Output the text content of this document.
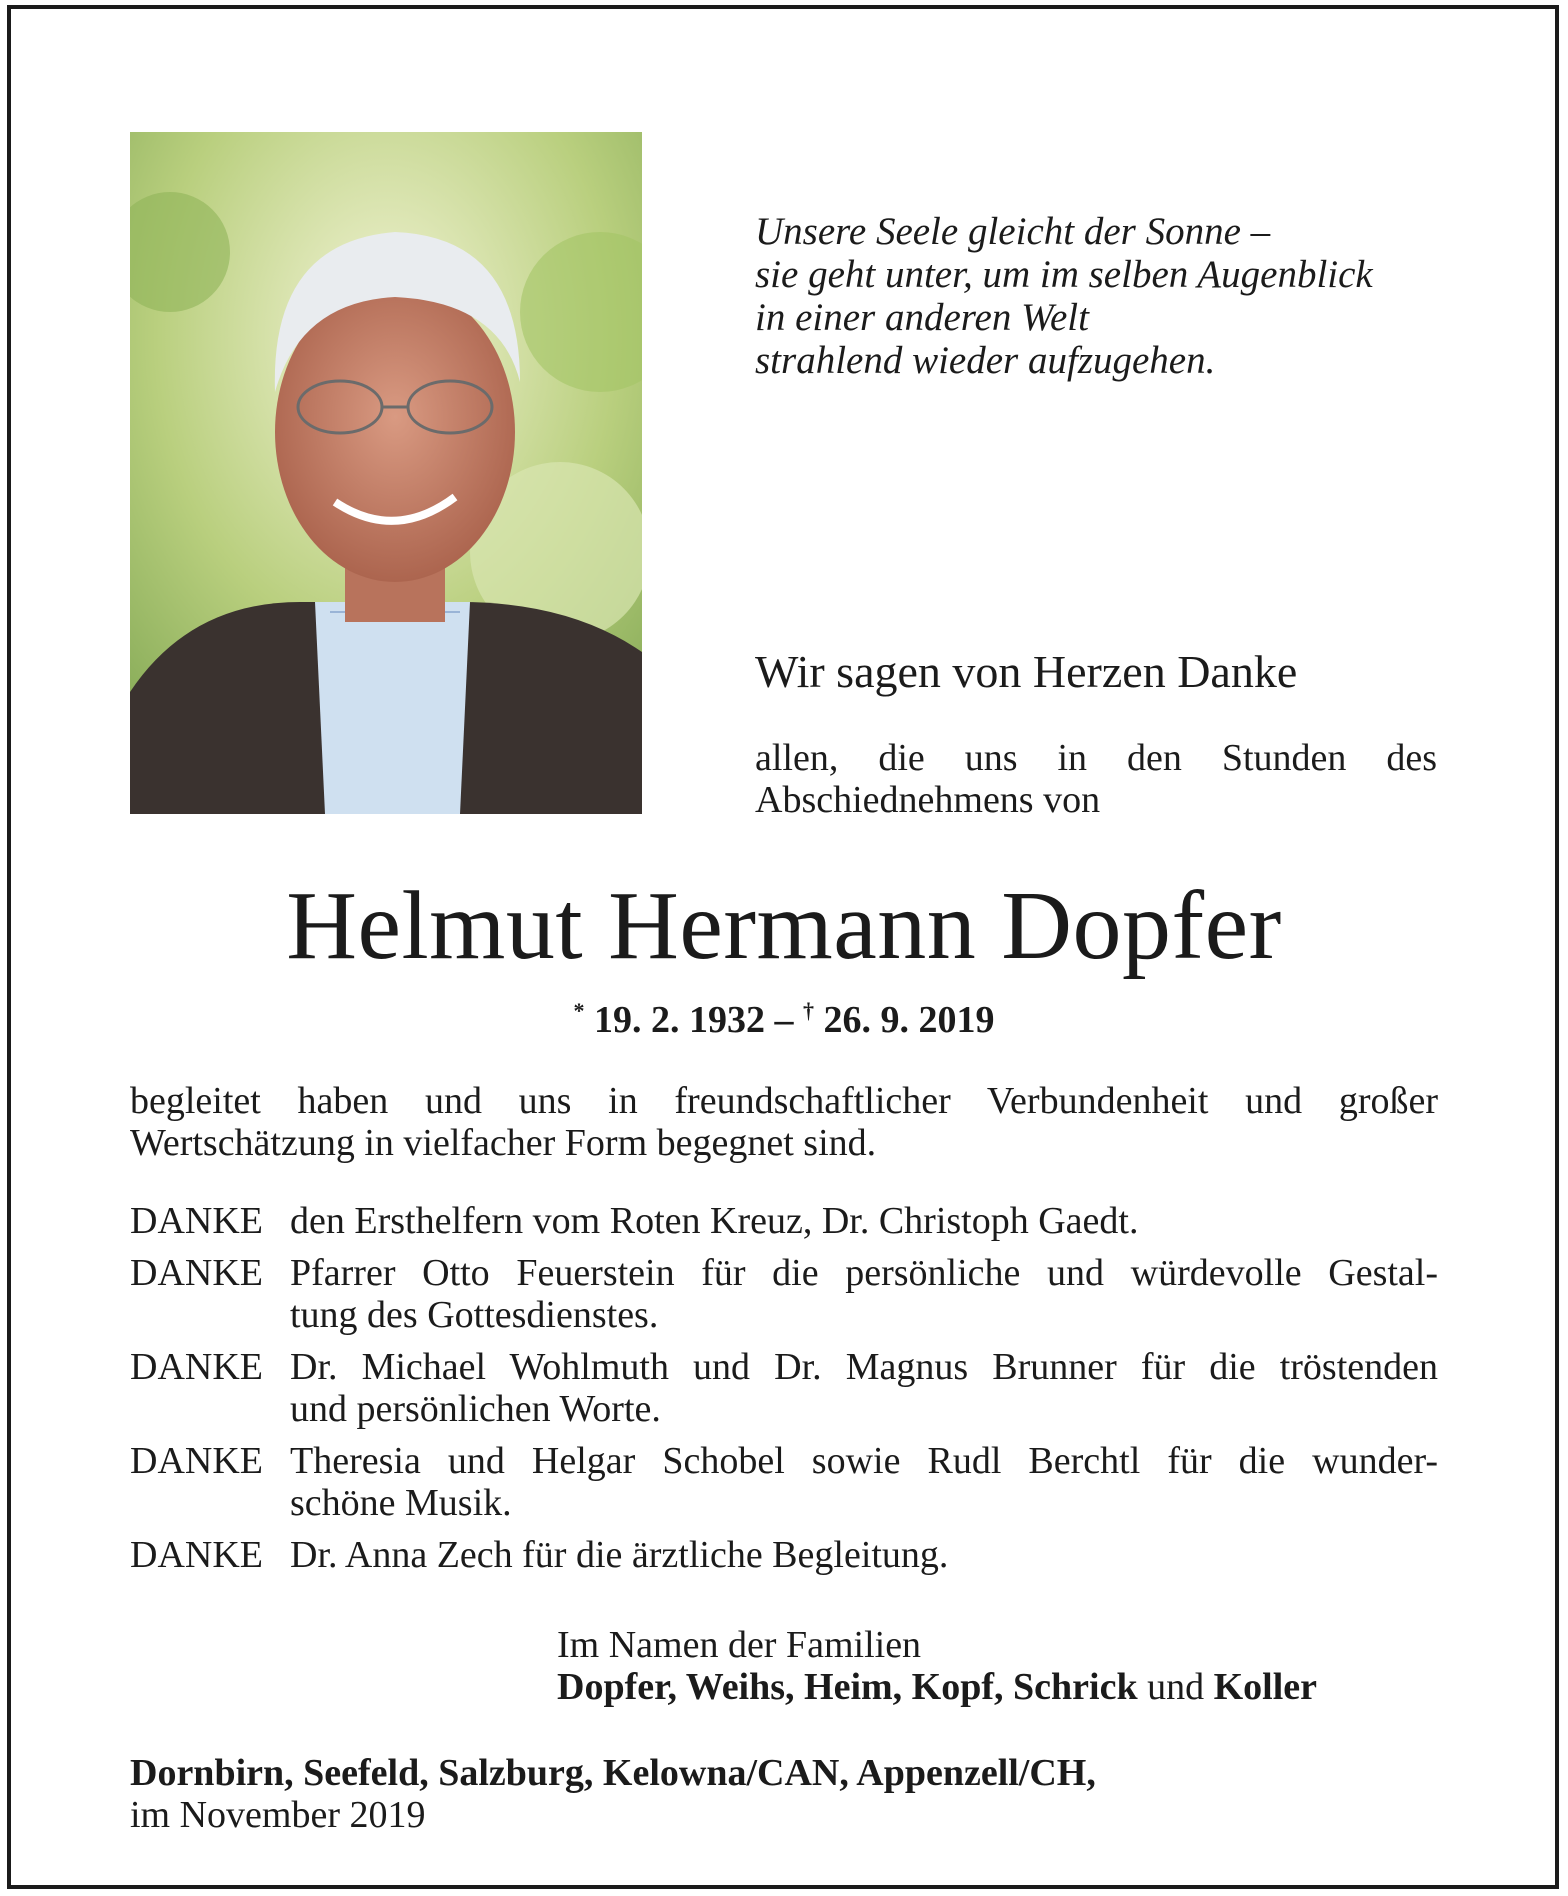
Unsere Seele gleicht der Sonne –
sie geht unter, um im selben Augenblick
in einer anderen Welt
strahlend wieder aufzugehen.
Wir sagen von Herzen Danke
allen, die uns in den Stunden des
Abschiednehmens von
Helmut Hermann Dopfer
* 19. 2. 1932 – † 26. 9. 2019
begleitet haben und uns in freundschaftlicher Verbundenheit und großer
Wertschätzung in vielfacher Form begegnet sind.
DANKE den Ersthelfern vom Roten Kreuz, Dr. Christoph Gaedt.
DANKE Pfarrer Otto Feuerstein für die persönliche und würdevolle Gestal-
tung des Gottesdienstes.
DANKE Dr. Michael Wohlmuth und Dr. Magnus Brunner für die tröstenden
und persönlichen Worte.
DANKE Theresia und Helgar Schobel sowie Rudl Berchtl für die wunder-
schöne Musik.
DANKE Dr. Anna Zech für die ärztliche Begleitung.
Im Namen der Familien
Dopfer, Weihs, Heim, Kopf, Schrick und Koller
Dornbirn, Seefeld, Salzburg, Kelowna/CAN, Appenzell/CH,
im November 2019
